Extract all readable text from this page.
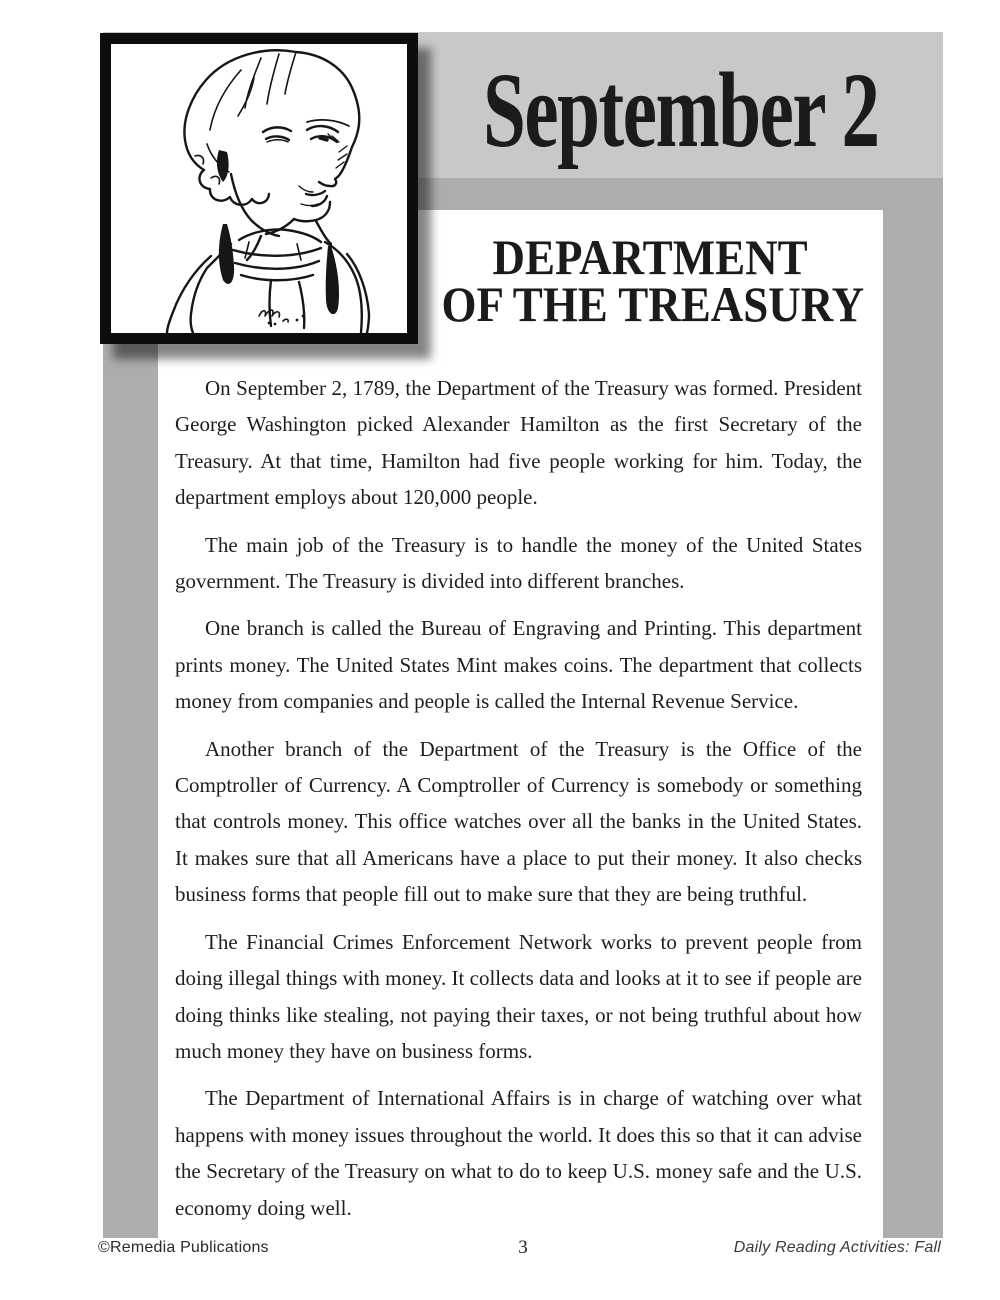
September 2
DEPARTMENT
OF THE TREASURY

On September 2, 1789, the Department of the Treasury was formed. President George Washington picked Alexander Hamilton as the first Secretary of the Treasury. At that time, Hamilton had five people working for him. Today, the department employs about 120,000 people.

The main job of the Treasury is to handle the money of the United States government. The Treasury is divided into different branches.

One branch is called the Bureau of Engraving and Printing. This department prints money. The United States Mint makes coins. The department that collects money from companies and people is called the Internal Revenue Service.

Another branch of the Department of the Treasury is the Office of the Comptroller of Currency. A Comptroller of Currency is somebody or something that controls money. This office watches over all the banks in the United States. It makes sure that all Americans have a place to put their money. It also checks business forms that people fill out to make sure that they are being truthful.

The Financial Crimes Enforcement Network works to prevent people from doing illegal things with money. It collects data and looks at it to see if people are doing thinks like stealing, not paying their taxes, or not being truthful about how much money they have on business forms.

The Department of International Affairs is in charge of watching over what happens with money issues throughout the world. It does this so that it can advise the Secretary of the Treasury on what to do to keep U.S. money safe and the U.S. economy doing well.

©Remedia Publications	3	Daily Reading Activities: Fall
